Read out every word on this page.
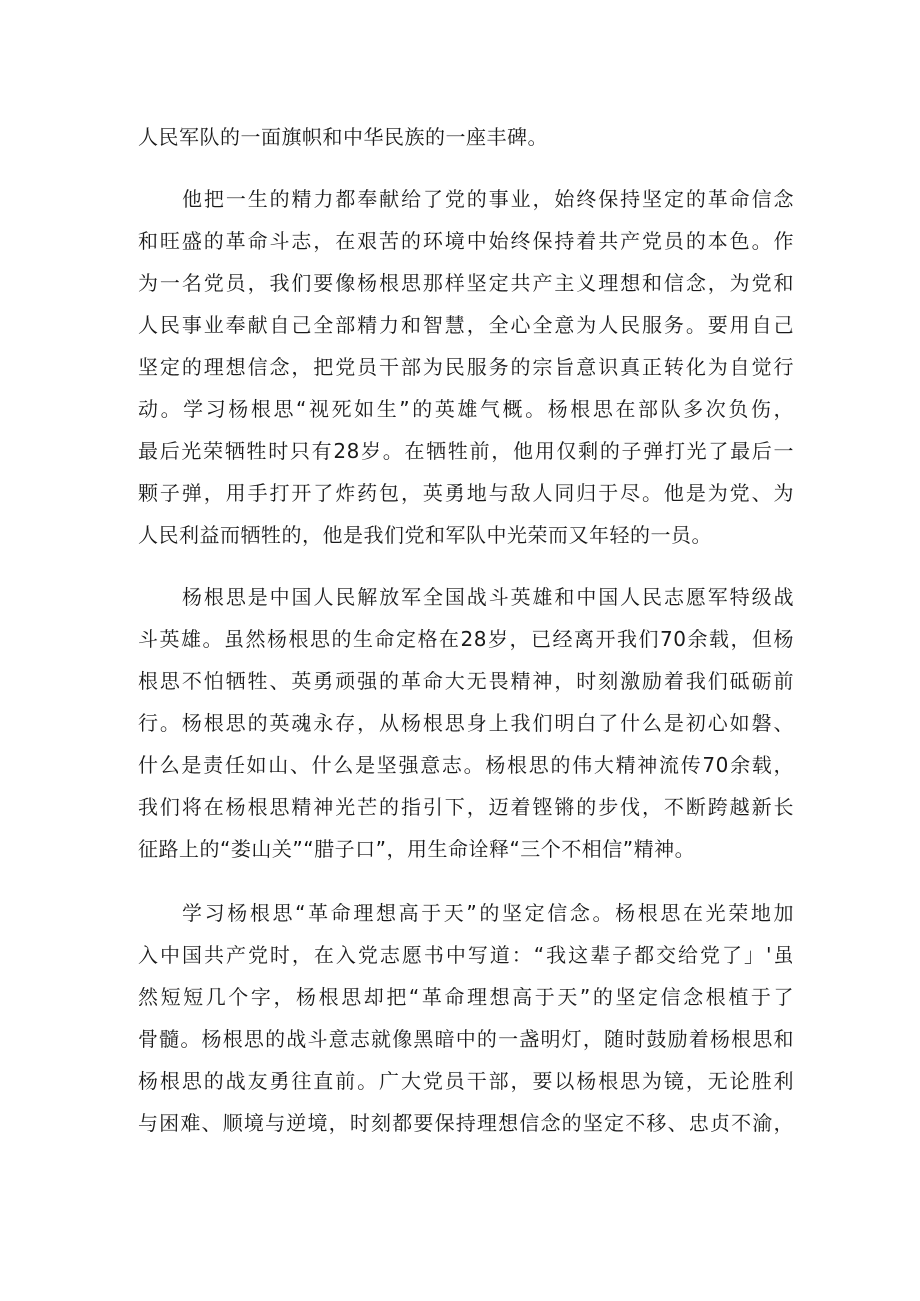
人民军队的一面旗帜和中华民族的一座丰碑。
他把一生的精力都奉献给了党的事业，始终保持坚定的革命信念
和旺盛的革命斗志，在艰苦的环境中始终保持着共产党员的本色。作
为一名党员，我们要像杨根思那样坚定共产主义理想和信念，为党和
人民事业奉献自己全部精力和智慧，全心全意为人民服务。要用自己
坚定的理想信念，把党员干部为民服务的宗旨意识真正转化为自觉行
动。学习杨根思“视死如生”的英雄气概。杨根思在部队多次负伤，
最后光荣牺牲时只有28岁。在牺牲前，他用仅剩的子弹打光了最后一
颗子弹，用手打开了炸药包，英勇地与敌人同归于尽。他是为党、为
人民利益而牺牲的，他是我们党和军队中光荣而又年轻的一员。
杨根思是中国人民解放军全国战斗英雄和中国人民志愿军特级战
斗英雄。虽然杨根思的生命定格在28岁，已经离开我们70余载，但杨
根思不怕牺牲、英勇顽强的革命大无畏精神，时刻激励着我们砥砺前
行。杨根思的英魂永存，从杨根思身上我们明白了什么是初心如磐、
什么是责任如山、什么是坚强意志。杨根思的伟大精神流传70余载，
我们将在杨根思精神光芒的指引下，迈着铿锵的步伐，不断跨越新长
征路上的“娄山关”“腊子口”，用生命诠释“三个不相信”精神。
学习杨根思“革命理想高于天”的坚定信念。杨根思在光荣地加
入中国共产党时，在入党志愿书中写道：“我这辈子都交给党了」'虽
然短短几个字，杨根思却把“革命理想高于天”的坚定信念根植于了
骨髓。杨根思的战斗意志就像黑暗中的一盏明灯，随时鼓励着杨根思和
杨根思的战友勇往直前。广大党员干部，要以杨根思为镜，无论胜利
与困难、顺境与逆境，时刻都要保持理想信念的坚定不移、忠贞不渝，
